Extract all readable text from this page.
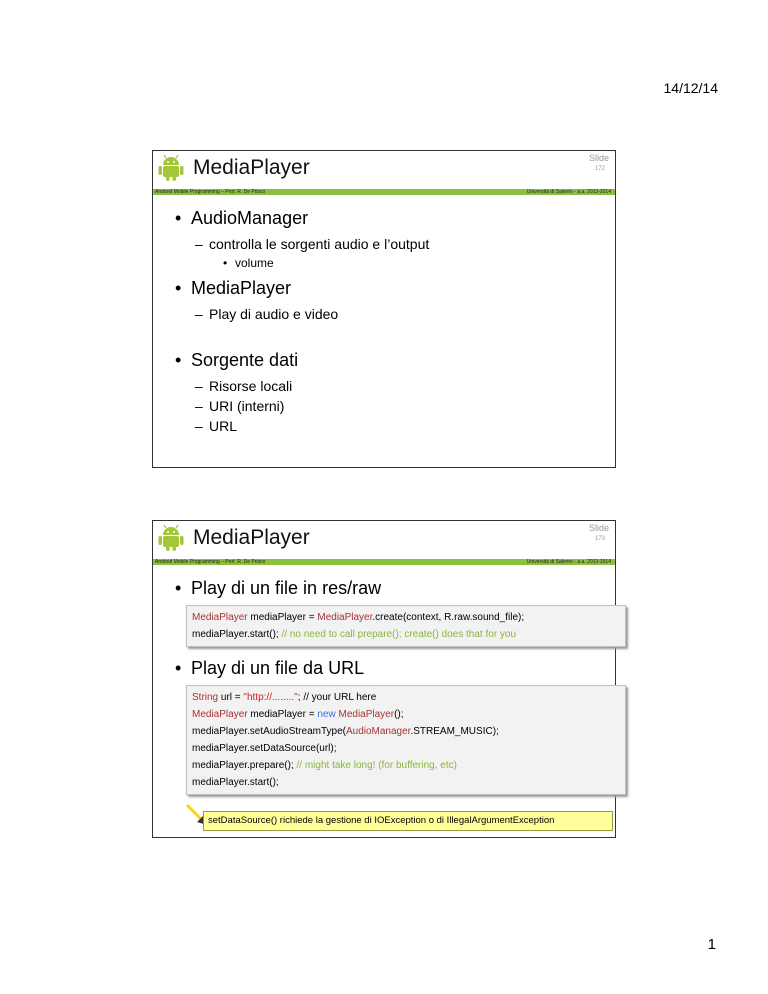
14/12/14
MediaPlayer	Slide
172
Android Mobile Programming – Prof. R. De Prisco	Università di Salerno - a.a. 2013-2014
• AudioManager
– controlla le sorgenti audio e l’output
• volume
• MediaPlayer
– Play di audio e video
• Sorgente dati
– Risorse locali
– URI (interni)
– URL
MediaPlayer	Slide
173
Android Mobile Programming – Prof. R. De Prisco	Università di Salerno - a.a. 2013-2014
• Play di un file in res/raw
MediaPlayer mediaPlayer = MediaPlayer.create(context, R.raw.sound_file);
mediaPlayer.start(); // no need to call prepare(); create() does that for you
• Play di un file da URL
String url = "http://........"; // your URL here
MediaPlayer mediaPlayer = new MediaPlayer();
mediaPlayer.setAudioStreamType(AudioManager.STREAM_MUSIC);
mediaPlayer.setDataSource(url);
mediaPlayer.prepare(); // might take long! (for buffering, etc)
mediaPlayer.start();
setDataSource() richiede la gestione di IOException o di IllegalArgumentException
1
